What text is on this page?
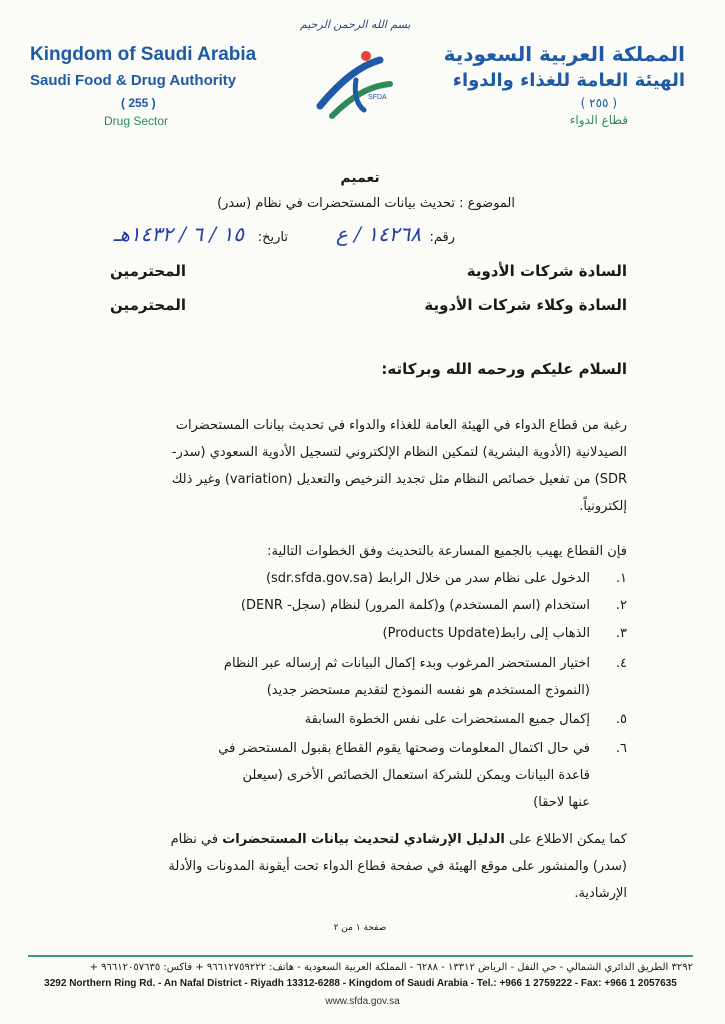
بسم الله الرحمن الرحيم
Kingdom of Saudi Arabia
Saudi Food & Drug Authority
( 255 )
Drug Sector
المملكة العربية السعودية
الهيئة العامة للغذاء والدواء
( ٢٥٥ )
قطاع الدواء
SFDA
تعميم
الموضوع : تحديث بيانات المستحضرات في نظام (سدر)
رقم:
١٤٢٦٨ / ع
تاريخ:
١٥ / ٦ / ١٤٣٢هـ
السادة شركات الأدوية
المحترمين
السادة وكلاء شركات الأدوية
المحترمين
السلام عليكم ورحمه الله وبركاته:
رغبة من قطاع الدواء في الهيئة العامة للغذاء والدواء في تحديث بيانات المستحضرات
الصيدلانية (الأدوية البشرية) لتمكين النظام الإلكتروني لتسجيل الأدوية السعودي (سدر-
SDR) من تفعيل خصائص النظام مثل تجديد الترخيص والتعديل (variation) وغير ذلك
إلكترونياً.
فإن القطاع يهيب بالجميع المسارعة بالتحديث وفق الخطوات التالية:
١.
الدخول على نظام سدر من خلال الرابط (sdr.sfda.gov.sa)
٢.
استخدام (اسم المستخدم) و(كلمة المرور) لنظام (سجل- DENR)
٣.
الذهاب إلى رابط(Products Update)
٤.
اختيار المستحضر المرغوب وبدء إكمال البيانات ثم إرساله عبر النظام
(النموذج المستخدم هو نفسه النموذج لتقديم مستحضر جديد)
٥.
إكمال جميع المستحضرات على نفس الخطوة السابقة
٦.
في حال اكتمال المعلومات وصحتها يقوم القطاع بقبول المستحضر في
قاعدة البيانات ويمكن للشركة استعمال الخصائص الأخرى (سيعلن
عنها لاحقا)
كما يمكن الاطلاع على الدليل الإرشادي لتحديث بيانات المستحضرات في نظام
(سدر) والمنشور على موقع الهيئة في صفحة قطاع الدواء تحت أيقونة المدونات والأدلة
الإرشادية.
صفحة ١ من ٢
٣٢٩٢ الطريق الدائري الشمالي - حي النفل - الرياض ١٣٣١٢ - ٦٢٨٨ - المملكة العربية السعودية - هاتف: ٩٦٦١٢٧٥٩٢٢٢ + فاكس: ٩٦٦١٢٠٥٧٦٣٥ +
3292 Northern Ring Rd. - An Nafal District - Riyadh 13312-6288 - Kingdom of Saudi Arabia - Tel.: +966 1 2759222 - Fax: +966 1 2057635
www.sfda.gov.sa
